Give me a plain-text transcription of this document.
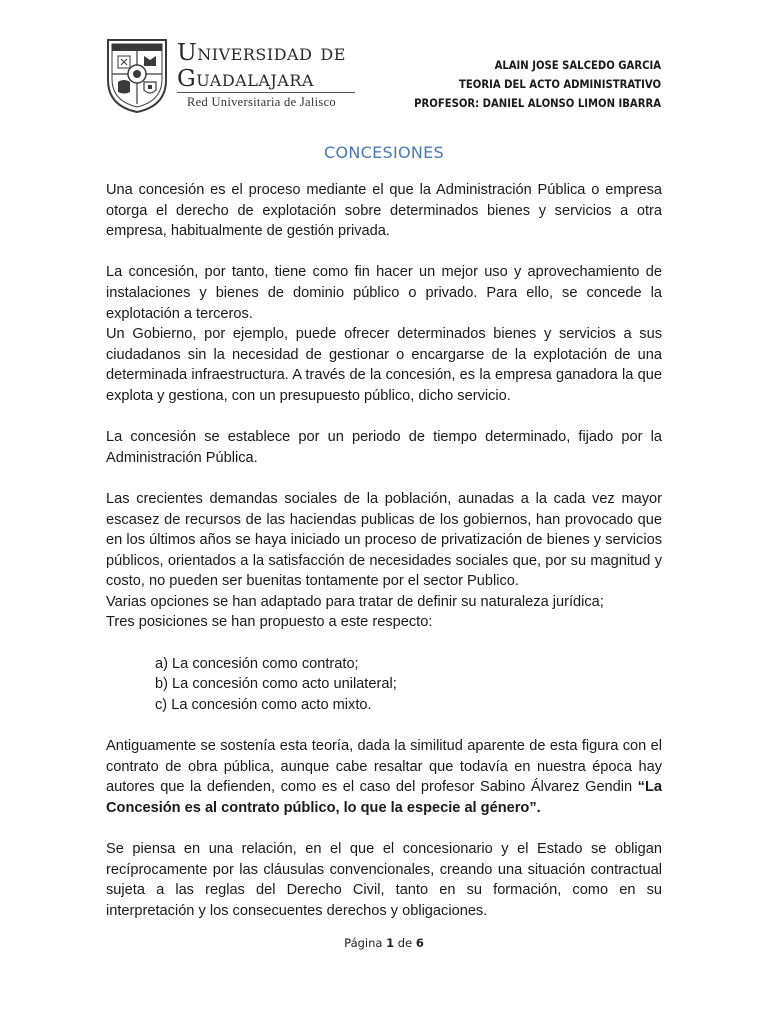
Universidad de
Guadalajara
Red Universitaria de Jalisco
ALAIN JOSE SALCEDO GARCIA
TEORIA DEL ACTO ADMINISTRATIVO
PROFESOR: DANIEL ALONSO LIMON IBARRA
CONCESIONES

Una concesión es el proceso mediante el que la Administración Pública o empresa otorga el derecho de explotación sobre determinados bienes y servicios a otra empresa, habitualmente de gestión privada.

La concesión, por tanto, tiene como fin hacer un mejor uso y aprovechamiento de instalaciones y bienes de dominio público o privado. Para ello, se concede la explotación a terceros.

Un Gobierno, por ejemplo, puede ofrecer determinados bienes y servicios a sus ciudadanos sin la necesidad de gestionar o encargarse de la explotación de una determinada infraestructura. A través de la concesión, es la empresa ganadora la que explota y gestiona, con un presupuesto público, dicho servicio.

La concesión se establece por un periodo de tiempo determinado, fijado por la Administración Pública.

Las crecientes demandas sociales de la población, aunadas a la cada vez mayor escasez de recursos de las haciendas publicas de los gobiernos, han provocado que en los últimos años se haya iniciado un proceso de privatización de bienes y servicios públicos, orientados a la satisfacción de necesidades sociales que, por su magnitud y costo, no pueden ser buenitas tontamente por el sector Publico.

Varias opciones se han adaptado para tratar de definir su naturaleza jurídica;

Tres posiciones se han propuesto a este respecto:

a) La concesión como contrato;
b) La concesión como acto unilateral;
c) La concesión como acto mixto.

Antiguamente se sostenía esta teoría, dada la similitud aparente de esta figura con el contrato de obra pública, aunque cabe resaltar que todavía en nuestra época hay autores que la defienden, como es el caso del profesor Sabino Álvarez Gendin “La Concesión es al contrato público, lo que la especie al género”.

Se piensa en una relación, en el que el concesionario y el Estado se obligan recíprocamente por las cláusulas convencionales, creando una situación contractual sujeta a las reglas del Derecho Civil, tanto en su formación, como en su interpretación y los consecuentes derechos y obligaciones.

Página 1 de 6
